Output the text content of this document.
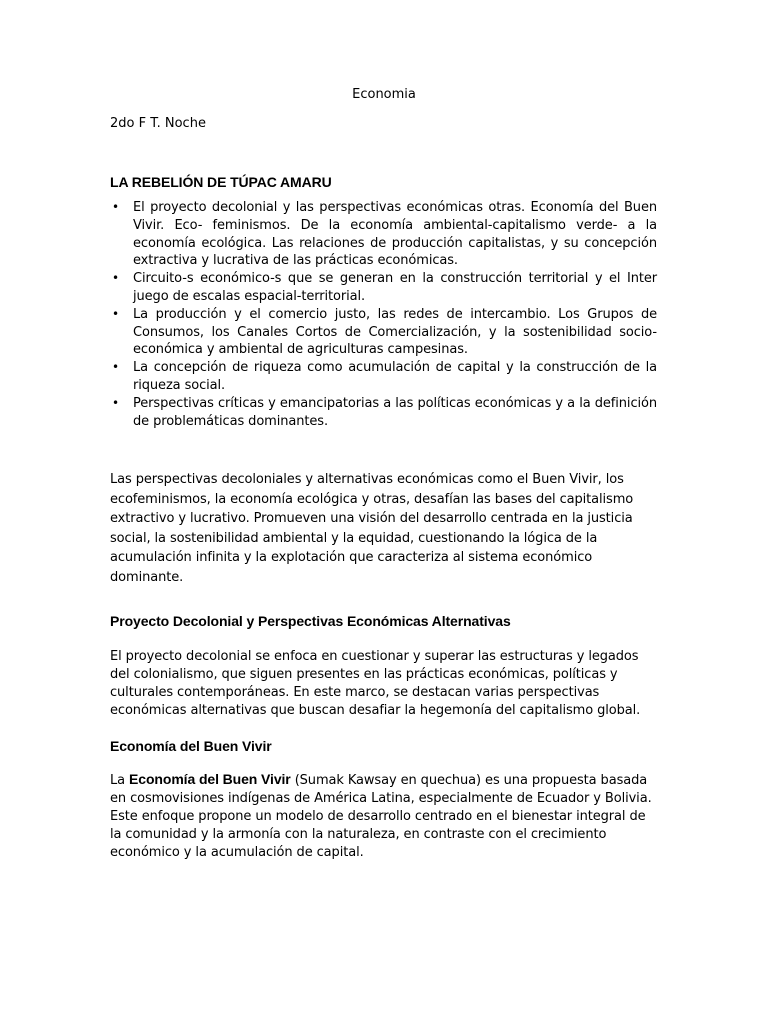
Economia
2do F T. Noche
LA REBELIÓN DE TÚPAC AMARU
• El proyecto decolonial y las perspectivas económicas otras. Economía del Buen Vivir. Eco- feminismos. De la economía ambiental-capitalismo verde- a la economía ecológica. Las relaciones de producción capitalistas, y su concepción extractiva y lucrativa de las prácticas económicas.
• Circuito-s económico-s que se generan en la construcción territorial y el Inter juego de escalas espacial-territorial.
• La producción y el comercio justo, las redes de intercambio. Los Grupos de Consumos, los Canales Cortos de Comercialización, y la sostenibilidad socio-económica y ambiental de agriculturas campesinas.
• La concepción de riqueza como acumulación de capital y la construcción de la riqueza social.
• Perspectivas críticas y emancipatorias a las políticas económicas y a la definición de problemáticas dominantes.
Las perspectivas decoloniales y alternativas económicas como el Buen Vivir, los ecofeminismos, la economía ecológica y otras, desafían las bases del capitalismo extractivo y lucrativo. Promueven una visión del desarrollo centrada en la justicia social, la sostenibilidad ambiental y la equidad, cuestionando la lógica de la acumulación infinita y la explotación que caracteriza al sistema económico dominante.
Proyecto Decolonial y Perspectivas Económicas Alternativas
El proyecto decolonial se enfoca en cuestionar y superar las estructuras y legados del colonialismo, que siguen presentes en las prácticas económicas, políticas y culturales contemporáneas. En este marco, se destacan varias perspectivas económicas alternativas que buscan desafiar la hegemonía del capitalismo global.
Economía del Buen Vivir
La Economía del Buen Vivir (Sumak Kawsay en quechua) es una propuesta basada en cosmovisiones indígenas de América Latina, especialmente de Ecuador y Bolivia. Este enfoque propone un modelo de desarrollo centrado en el bienestar integral de la comunidad y la armonía con la naturaleza, en contraste con el crecimiento económico y la acumulación de capital.
